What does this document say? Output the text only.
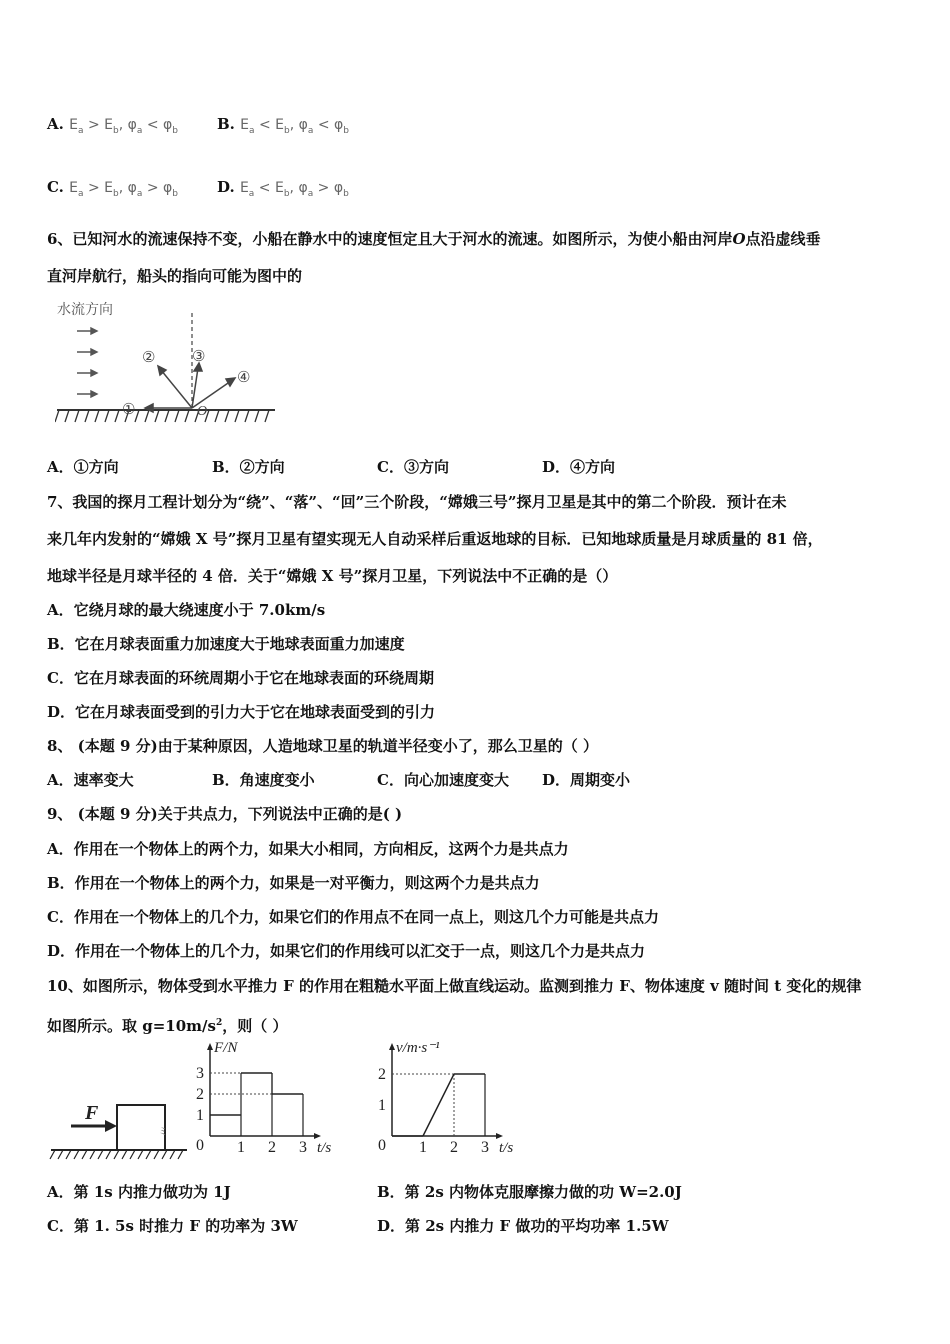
A. $E_a > E_b$, $\varphi_a < \varphi_b$	B. $E_a < E_b$, $\varphi_a < \varphi_b$
C. $E_a > E_b$, $\varphi_a > \varphi_b$	D. $E_a < E_b$, $\varphi_a > \varphi_b$
6、已知河水的流速保持不变，小船在静水中的速度恒定且大于河水的流速。如图所示，为使小船由河岸O点沿虚线垂
直河岸航行，船头的指向可能为图中的
水流方向
①
② ③
④
O
A．①方向	B．②方向	C．③方向	D．④方向
7、我国的探月工程计划分为“绕”、“落”、“回”三个阶段，“嫦娥三号”探月卫星是其中的第二个阶段．预计在未
来几年内发射的“嫦娥 X 号”探月卫星有望实现无人自动采样后重返地球的目标．已知地球质量是月球质量的 81 倍，
地球半径是月球半径的 4 倍．关于“嫦娥 X 号”探月卫星，下列说法中不正确的是（）
A．它绕月球的最大绕速度小于 7.0km/s
B．它在月球表面重力加速度大于地球表面重力加速度
C．它在月球表面的环统周期小于它在地球表面的环绕周期
D．它在月球表面受到的引力大于它在地球表面受到的引力
8、 (本题 9 分)由于某种原因，人造地球卫星的轨道半径变小了，那么卫星的（ ）
A．速率变大	B．角速度变小	C．向心加速度变大 D．周期变小
9、 (本题 9 分)关于共点力，下列说法中正确的是( )
A．作用在一个物体上的两个力，如果大小相同，方向相反，这两个力是共点力
B．作用在一个物体上的两个力，如果是一对平衡力，则这两个力是共点力
C．作用在一个物体上的几个力，如果它们的作用点不在同一点上，则这几个力可能是共点力
D．作用在一个物体上的几个力，如果它们的作用线可以汇交于一点，则这几个力是共点力
10、如图所示，物体受到水平推力 F 的作用在粗糙水平面上做直线运动。监测到推力 F、物体速度 v 随时间 t 变化的规律
如图所示。取 $g=10m/s^2$，则（ ）
F
ミ
0 1 2 3
1
2
3
F/N
t/s	0 1 2 3
1
2
v/m·s⁻¹
t/s
A．第 1s 内推力做功为 1J	B．第 2s 内物体克服摩擦力做的功 W=2.0J
C．第 1. 5s 时推力 F 的功率为 3W	D．第 2s 内推力 F 做功的平均功率 1.5W
